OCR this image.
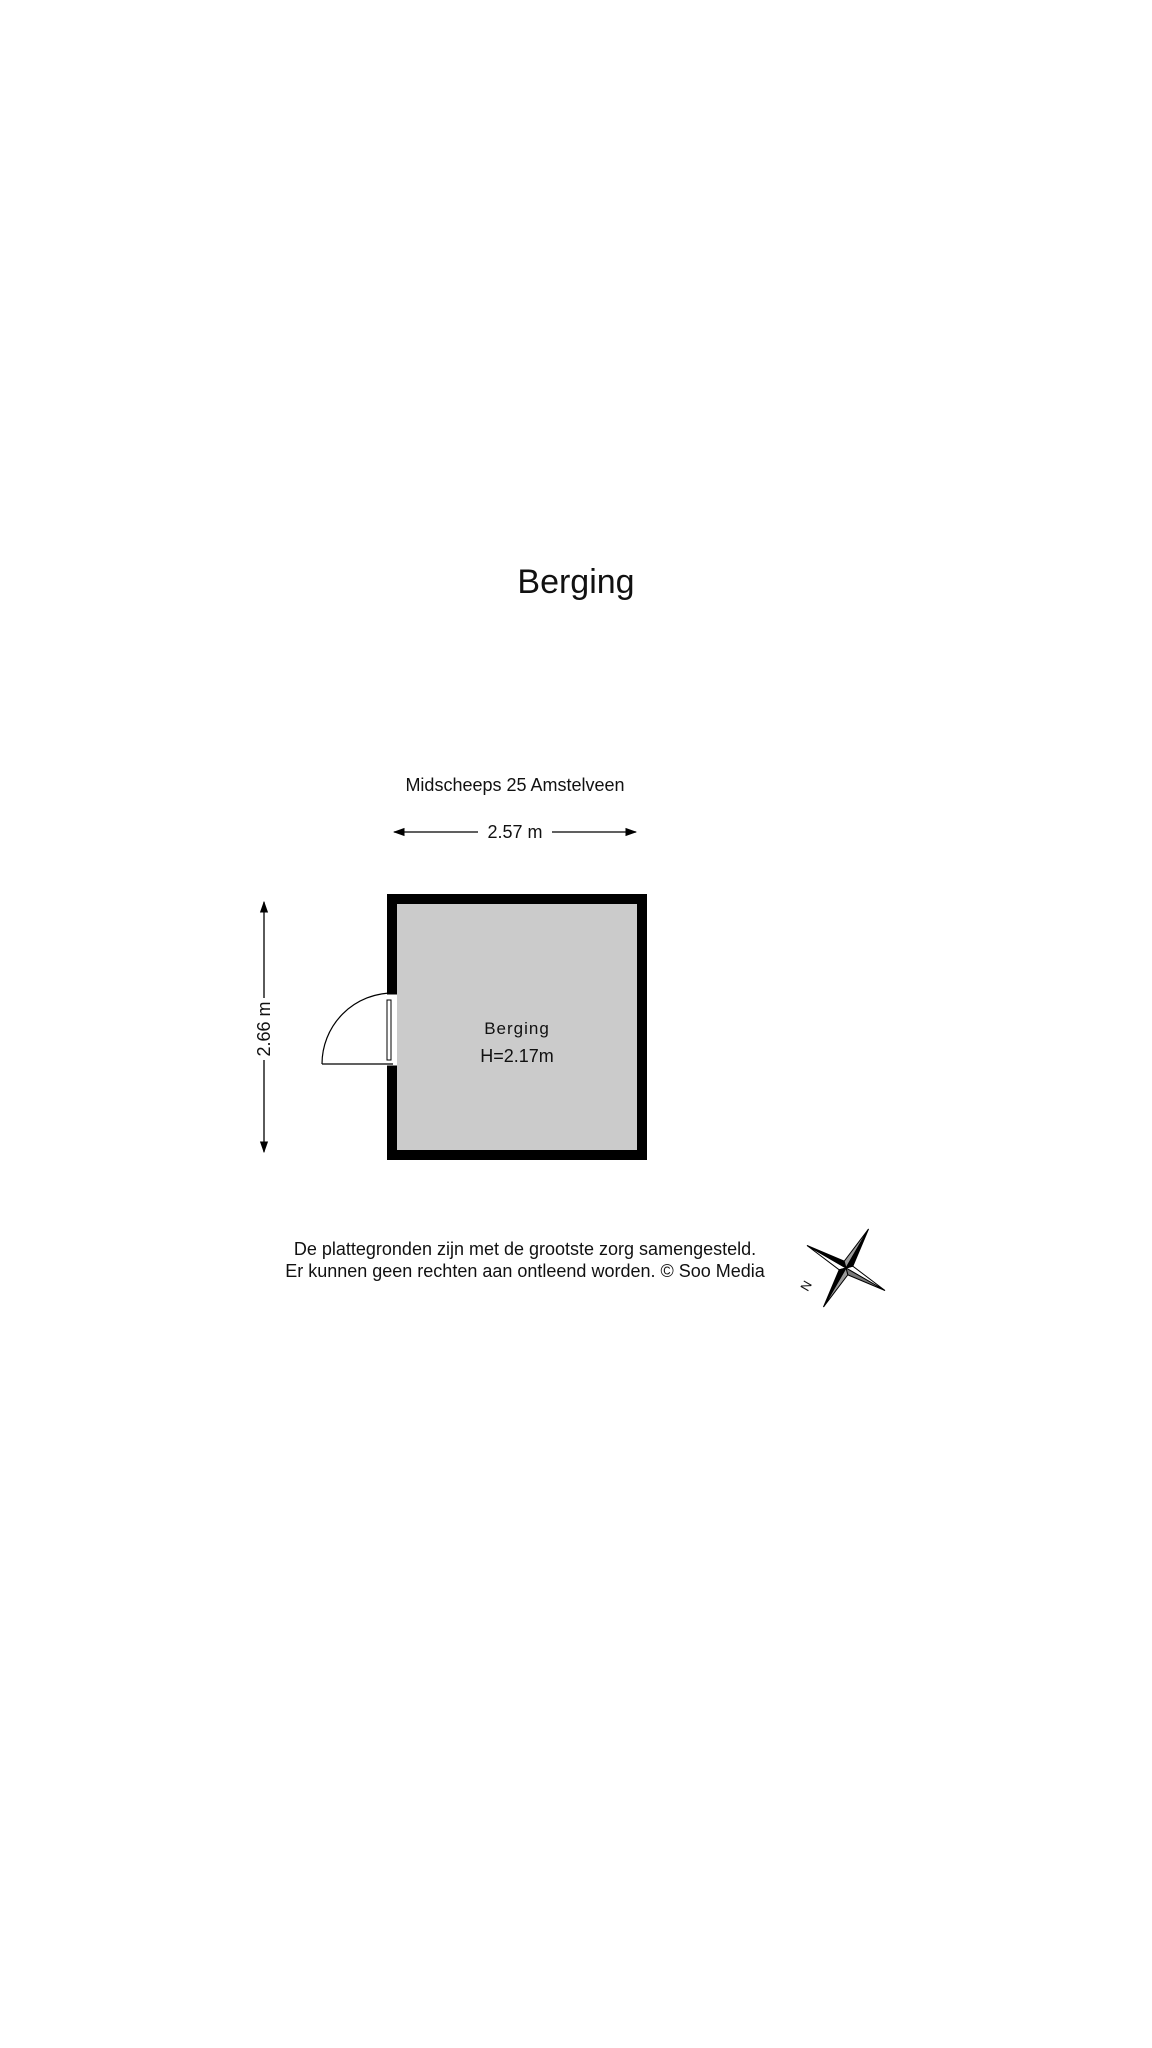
Berging
Midscheeps 25 Amstelveen
2.57 m
2.66 m	Berging
H=2.17m
N
De plattegronden zijn met de grootste zorg samengesteld.
Er kunnen geen rechten aan ontleend worden. © Soo Media
